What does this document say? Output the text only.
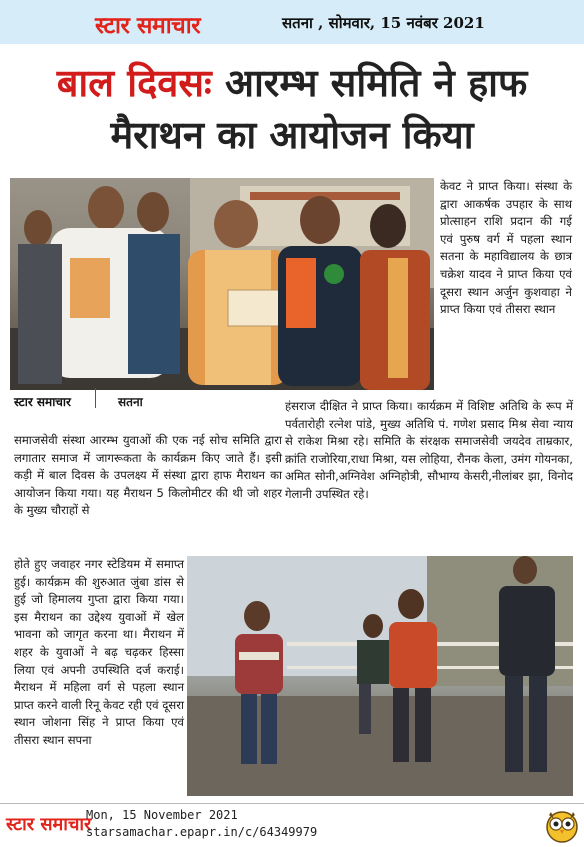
स्टार समाचार	सतना , सोमवार, 15 नवंबर 2021
बाल दिवसः आरम्भ समिति ने हाफ
मैराथन का आयोजन किया
स्टार समाचार	सतना
केवट ने प्राप्त किया। संस्था के द्वारा आकर्षक उपहार के साथ प्रोत्साहन राशि प्रदान की गई एवं पुरुष वर्ग में पहला स्थान सतना के महाविद्यालय के छात्र चक्रेश यादव ने प्राप्त किया एवं दूसरा स्थान अर्जुन कुशवाहा ने प्राप्त किया एवं तीसरा स्थान
हंसराज दीक्षित ने प्राप्त किया। कार्यक्रम में विशिष्ट अतिथि के रूप में पर्वतारोही रत्नेश पांडे, मुख्य अतिथि पं. गणेश प्रसाद मिश्र सेवा न्याय से राकेश मिश्रा रहे। समिति के संरक्षक समाजसेवी जयदेव ताम्रकार, क्रांति राजोरिया,राधा मिश्रा, यस लोहिया, रौनक केला, उमंग गोयनका, अमित सोनी,अग्निवेश अग्निहोत्री, सौभाग्य केसरी,नीलांबर झा, विनोद गेलानी उपस्थित रहे।
समाजसेवी संस्था आरम्भ युवाओं की एक नई सोच समिति द्वारा लगातार समाज में जागरूकता के कार्यक्रम किए जाते हैं। इसी कड़ी में बाल दिवस के उपलक्ष्य में संस्था द्वारा हाफ मैराथन का आयोजन किया गया। यह मैराथन 5 किलोमीटर की थी जो शहर के मुख्य चौराहों से
होते हुए जवाहर नगर स्टेडियम में समाप्त हुई। कार्यक्रम की शुरुआत जुंबा डांस से हुई जो हिमालय गुप्ता द्वारा किया गया। इस मैराथन का उद्देश्य युवाओं में खेल भावना को जागृत करना था। मैराथन में शहर के युवाओं ने बढ़ चढ़कर हिस्सा लिया एवं अपनी उपस्थिति दर्ज कराई। मैराथन में महिला वर्ग से पहला स्थान प्राप्त करने वाली रिनू केवट रही एवं दूसरा स्थान जोशना सिंह ने प्राप्त किया एवं तीसरा स्थान सपना
स्टार समाचार
Mon, 15 November 2021
starsamachar.epapr.in/c/64349979
